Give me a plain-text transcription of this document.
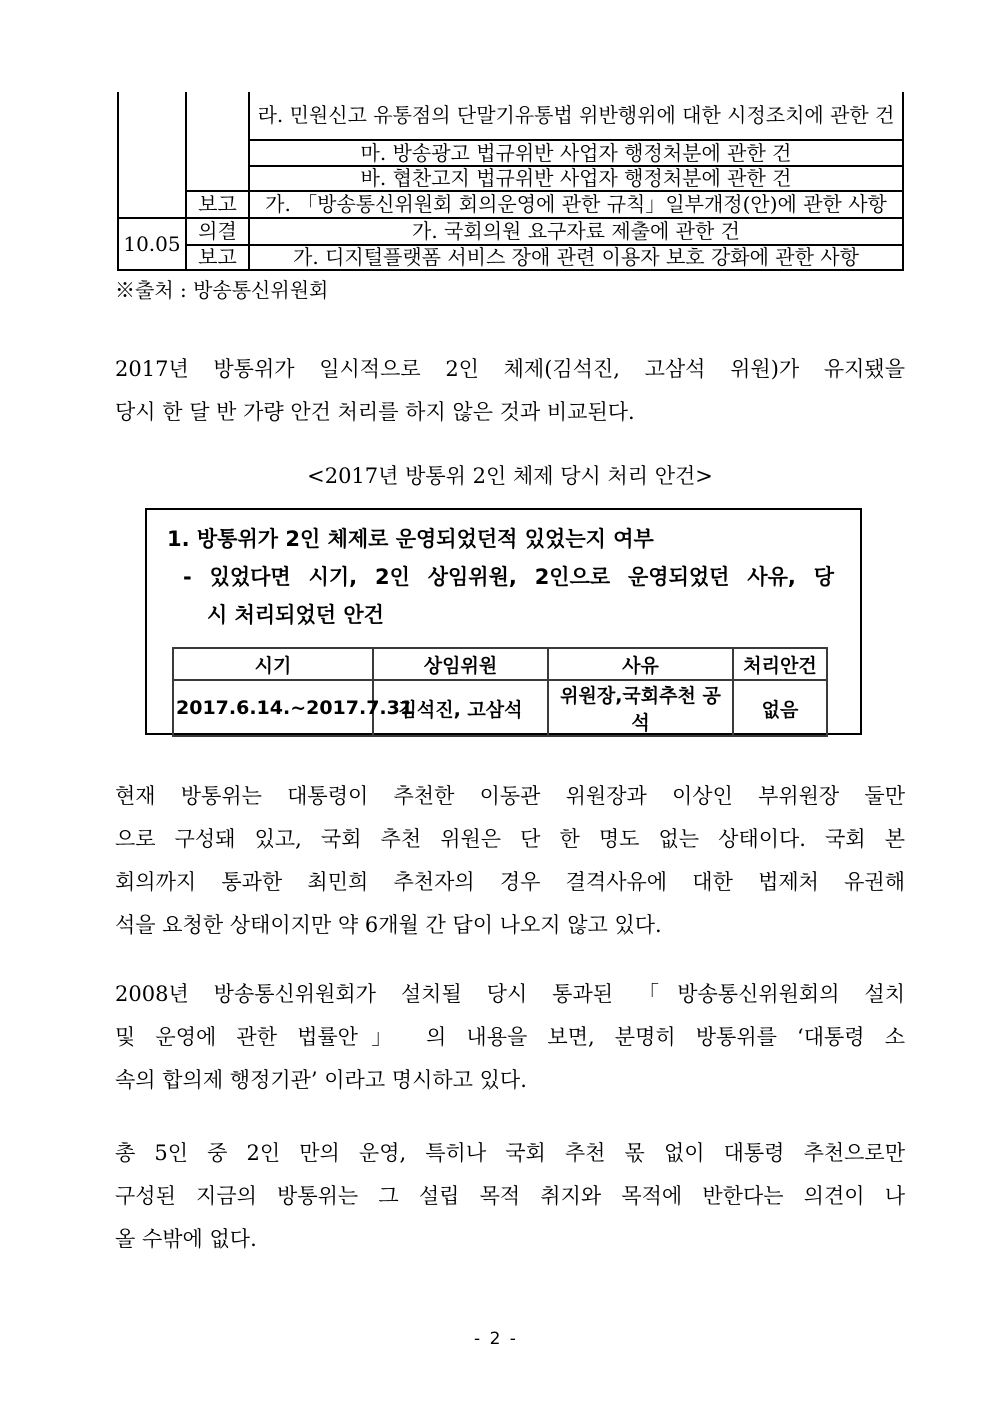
		라. 민원신고 유통점의 단말기유통법 위반행위에 대한 시정조치에 관한 건
		마. 방송광고 법규위반 사업자 행정처분에 관한 건
		바. 협찬고지 법규위반 사업자 행정처분에 관한 건
	보고	가. 「방송통신위원회 회의운영에 관한 규칙」일부개정(안)에 관한 사항
10.05	의결	가. 국회의원 요구자료 제출에 관한 건
	보고	가. 디지털플랫폼 서비스 장애 관련 이용자 보호 강화에 관한 사항
※출처 : 방송통신위원회
2017년 방통위가 일시적으로 2인 체제(김석진, 고삼석 위원)가 유지됐을
당시 한 달 반 가량 안건 처리를 하지 않은 것과 비교된다.
<2017년 방통위 2인 체제 당시 처리 안건>
1. 방통위가 2인 체제로 운영되었던적 있었는지 여부
- 있었다면 시기, 2인 상임위원, 2인으로 운영되었던 사유, 당
시 처리되었던 안건
시기	상임위원	사유	처리안건
2017.6.14.~2017.7.31	김석진, 고삼석	위원장,국회추천 공석	없음
현재 방통위는 대통령이 추천한 이동관 위원장과 이상인 부위원장 둘만
으로 구성돼 있고, 국회 추천 위원은 단 한 명도 없는 상태이다. 국회 본
회의까지 통과한 최민희 추천자의 경우 결격사유에 대한 법제처 유권해
석을 요청한 상태이지만 약 6개월 간 답이 나오지 않고 있다.
2008년 방송통신위원회가 설치될 당시 통과된 「방송통신위원회의 설치
및 운영에 관한 법률안」 의 내용을 보면, 분명히 방통위를 ‘대통령 소
속의 합의제 행정기관’ 이라고 명시하고 있다.
총 5인 중 2인 만의 운영, 특히나 국회 추천 몫 없이 대통령 추천으로만
구성된 지금의 방통위는 그 설립 목적 취지와 목적에 반한다는 의견이 나
올 수밖에 없다.
- 2 -
